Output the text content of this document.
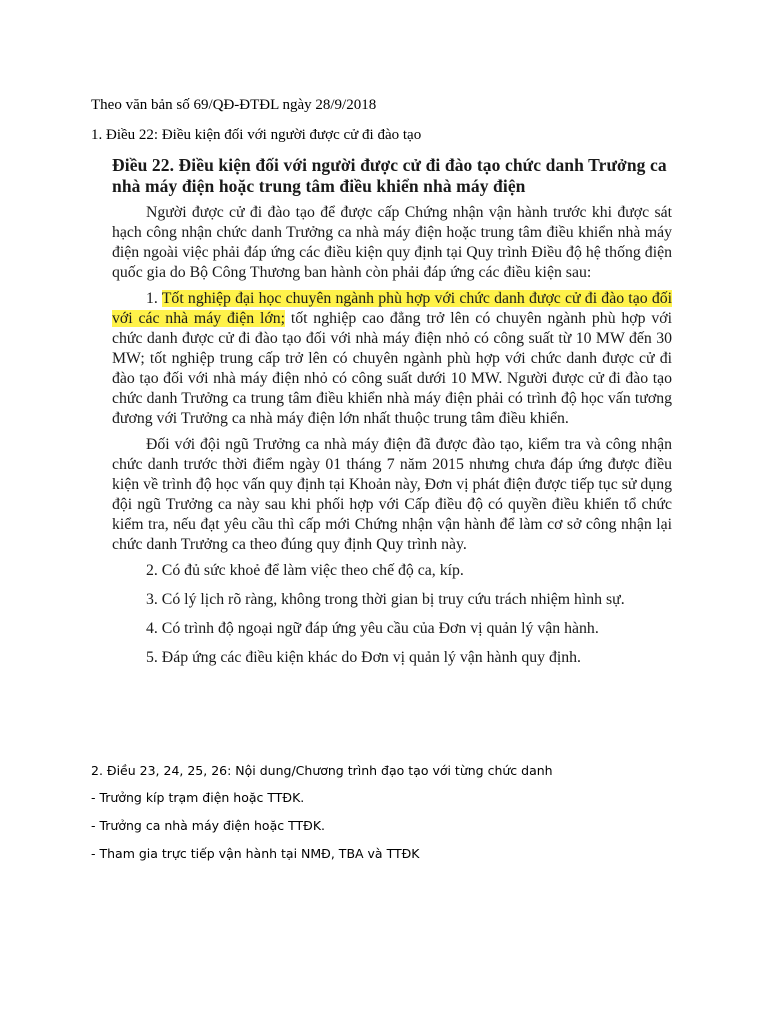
Theo văn bản số 69/QĐ-ĐTĐL ngày 28/9/2018
1. Điều 22: Điều kiện đối với người được cử đi đào tạo
Điều 22. Điều kiện đối với người được cử đi đào tạo chức danh Trưởng ca nhà máy điện hoặc trung tâm điều khiển nhà máy điện

Người được cử đi đào tạo để được cấp Chứng nhận vận hành trước khi được sát hạch công nhận chức danh Trưởng ca nhà máy điện hoặc trung tâm điều khiển nhà máy điện ngoài việc phải đáp ứng các điều kiện quy định tại Quy trình Điều độ hệ thống điện quốc gia do Bộ Công Thương ban hành còn phải đáp ứng các điều kiện sau:

1. Tốt nghiệp đại học chuyên ngành phù hợp với chức danh được cử đi đào tạo đối với các nhà máy điện lớn; tốt nghiệp cao đẳng trở lên có chuyên ngành phù hợp với chức danh được cử đi đào tạo đối với nhà máy điện nhỏ có công suất từ 10 MW đến 30 MW; tốt nghiệp trung cấp trở lên có chuyên ngành phù hợp với chức danh được cử đi đào tạo đối với nhà máy điện nhỏ có công suất dưới 10 MW. Người được cử đi đào tạo chức danh Trưởng ca trung tâm điều khiển nhà máy điện phải có trình độ học vấn tương đương với Trưởng ca nhà máy điện lớn nhất thuộc trung tâm điều khiển.

Đối với đội ngũ Trưởng ca nhà máy điện đã được đào tạo, kiểm tra và công nhận chức danh trước thời điểm ngày 01 tháng 7 năm 2015 nhưng chưa đáp ứng được điều kiện về trình độ học vấn quy định tại Khoản này, Đơn vị phát điện được tiếp tục sử dụng đội ngũ Trưởng ca này sau khi phối hợp với Cấp điều độ có quyền điều khiển tổ chức kiểm tra, nếu đạt yêu cầu thì cấp mới Chứng nhận vận hành để làm cơ sở công nhận lại chức danh Trưởng ca theo đúng quy định Quy trình này.

2. Có đủ sức khoẻ để làm việc theo chế độ ca, kíp.

3. Có lý lịch rõ ràng, không trong thời gian bị truy cứu trách nhiệm hình sự.

4. Có trình độ ngoại ngữ đáp ứng yêu cầu của Đơn vị quản lý vận hành.

5. Đáp ứng các điều kiện khác do Đơn vị quản lý vận hành quy định.

2. Điều 23, 24, 25, 26: Nội dung/Chương trình đạo tạo với từng chức danh
- Trưởng kíp trạm điện hoặc TTĐK.
- Trưởng ca nhà máy điện hoặc TTĐK.
- Tham gia trực tiếp vận hành tại NMĐ, TBA và TTĐK
